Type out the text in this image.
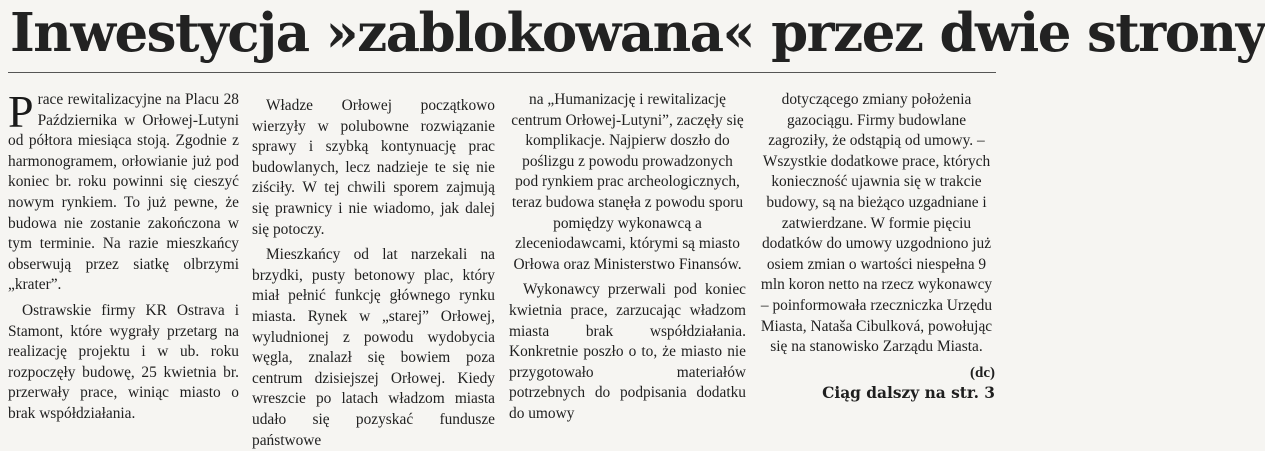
Inwestycja »zablokowana« przez dwie strony

Prace rewitalizacyjne na Placu 28 Października w Orłowej-Lutyni od półtora miesiąca stoją. Zgodnie z harmonogramem, orłowianie już pod koniec br. roku powinni się cieszyć nowym rynkiem. To już pewne, że budowa nie zostanie zakończona w tym terminie. Na razie mieszkańcy obserwują przez siatkę olbrzymi „krater”.

Ostrawskie firmy KR Ostrava i Stamont, które wygrały przetarg na realizację projektu i w ub. roku rozpoczęły budowę, 25 kwietnia br. przerwały prace, winiąc miasto o brak współdziałania.

Władze Orłowej początkowo wierzyły w polubowne rozwiązanie sprawy i szybką kontynuację prac budowlanych, lecz nadzieje te się nie ziściły. W tej chwili sporem zajmują się prawnicy i nie wiadomo, jak dalej się potoczy.

Mieszkańcy od lat narzekali na brzydki, pusty betonowy plac, który miał pełnić funkcję głównego rynku miasta. Rynek w „starej” Orłowej, wyludnionej z powodu wydobycia węgla, znalazł się bowiem poza centrum dzisiejszej Orłowej. Kiedy wreszcie po latach władzom miasta udało się pozyskać fundusze państwowe

na „Humanizację i rewitalizację centrum Orłowej-Lutyni”, zaczęły się komplikacje. Najpierw doszło do poślizgu z powodu prowadzonych pod rynkiem prac archeologicznych, teraz budowa stanęła z powodu sporu pomiędzy wykonawcą a zleceniodawcami, którymi są miasto Orłowa oraz Ministerstwo Finansów.

Wykonawcy przerwali pod koniec kwietnia prace, zarzucając władzom miasta brak współdziałania. Konkretnie poszło o to, że miasto nie przygotowało materiałów potrzebnych do podpisania dodatku do umowy

dotyczącego zmiany położenia gazociągu. Firmy budowlane zagroziły, że odstąpią od umowy. – Wszystkie dodatkowe prace, których konieczność ujawnia się w trakcie budowy, są na bieżąco uzgadniane i zatwierdzane. W formie pięciu dodatków do umowy uzgodniono już osiem zmian o wartości niespełna 9 mln koron netto na rzecz wykonawcy – poinformowała rzeczniczka Urzędu Miasta, Nataša Cibulková, powołując się na stanowisko Zarządu Miasta.

(dc)
Ciąg dalszy na str. 3
